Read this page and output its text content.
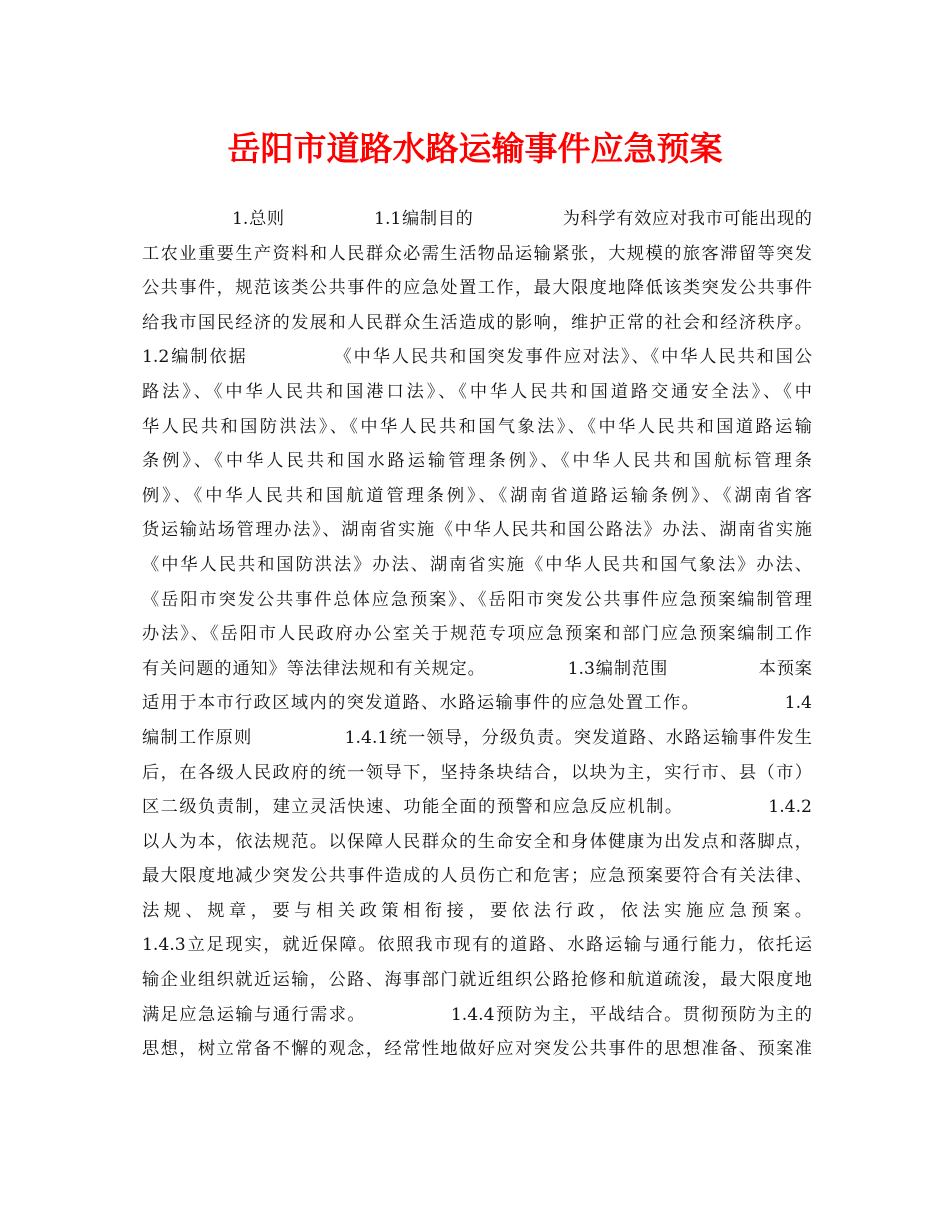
岳阳市道路水路运输事件应急预案
1.总则　　　　　1.1编制目的　　　　　为科学有效应对我市可能出现的
工农业重要生产资料和人民群众必需生活物品运输紧张，大规模的旅客滞留等突发
公共事件，规范该类公共事件的应急处置工作，最大限度地降低该类突发公共事件
给我市国民经济的发展和人民群众生活造成的影响，维护正常的社会和经济秩序。
1.2编制依据　　　　　《中华人民共和国突发事件应对法》、《中华人民共和国公
路法》、《中华人民共和国港口法》、《中华人民共和国道路交通安全法》、《中
华人民共和国防洪法》、《中华人民共和国气象法》、《中华人民共和国道路运输
条例》、《中华人民共和国水路运输管理条例》、《中华人民共和国航标管理条
例》、《中华人民共和国航道管理条例》、《湖南省道路运输条例》、《湖南省客
货运输站场管理办法》、湖南省实施《中华人民共和国公路法》办法、湖南省实施
《中华人民共和国防洪法》办法、湖南省实施《中华人民共和国气象法》办法、
《岳阳市突发公共事件总体应急预案》、《岳阳市突发公共事件应急预案编制管理
办法》、《岳阳市人民政府办公室关于规范专项应急预案和部门应急预案编制工作
有关问题的通知》等法律法规和有关规定。　　　　　1.3编制范围　　　　　本预案
适用于本市行政区域内的突发道路、水路运输事件的应急处置工作。　　　　　1.4
编制工作原则　　　　　1.4.1统一领导，分级负责。突发道路、水路运输事件发生
后，在各级人民政府的统一领导下，坚持条块结合，以块为主，实行市、县（市）
区二级负责制，建立灵活快速、功能全面的预警和应急反应机制。　　　　　1.4.2
以人为本，依法规范。以保障人民群众的生命安全和身体健康为出发点和落脚点，
最大限度地减少突发公共事件造成的人员伤亡和危害；应急预案要符合有关法律、
法规、规章，要与相关政策相衔接，要依法行政，依法实施应急预案。
1.4.3立足现实，就近保障。依照我市现有的道路、水路运输与通行能力，依托运
输企业组织就近运输，公路、海事部门就近组织公路抢修和航道疏浚，最大限度地
满足应急运输与通行需求。　　　　　1.4.4预防为主，平战结合。贯彻预防为主的
思想，树立常备不懈的观念，经常性地做好应对突发公共事件的思想准备、预案准
